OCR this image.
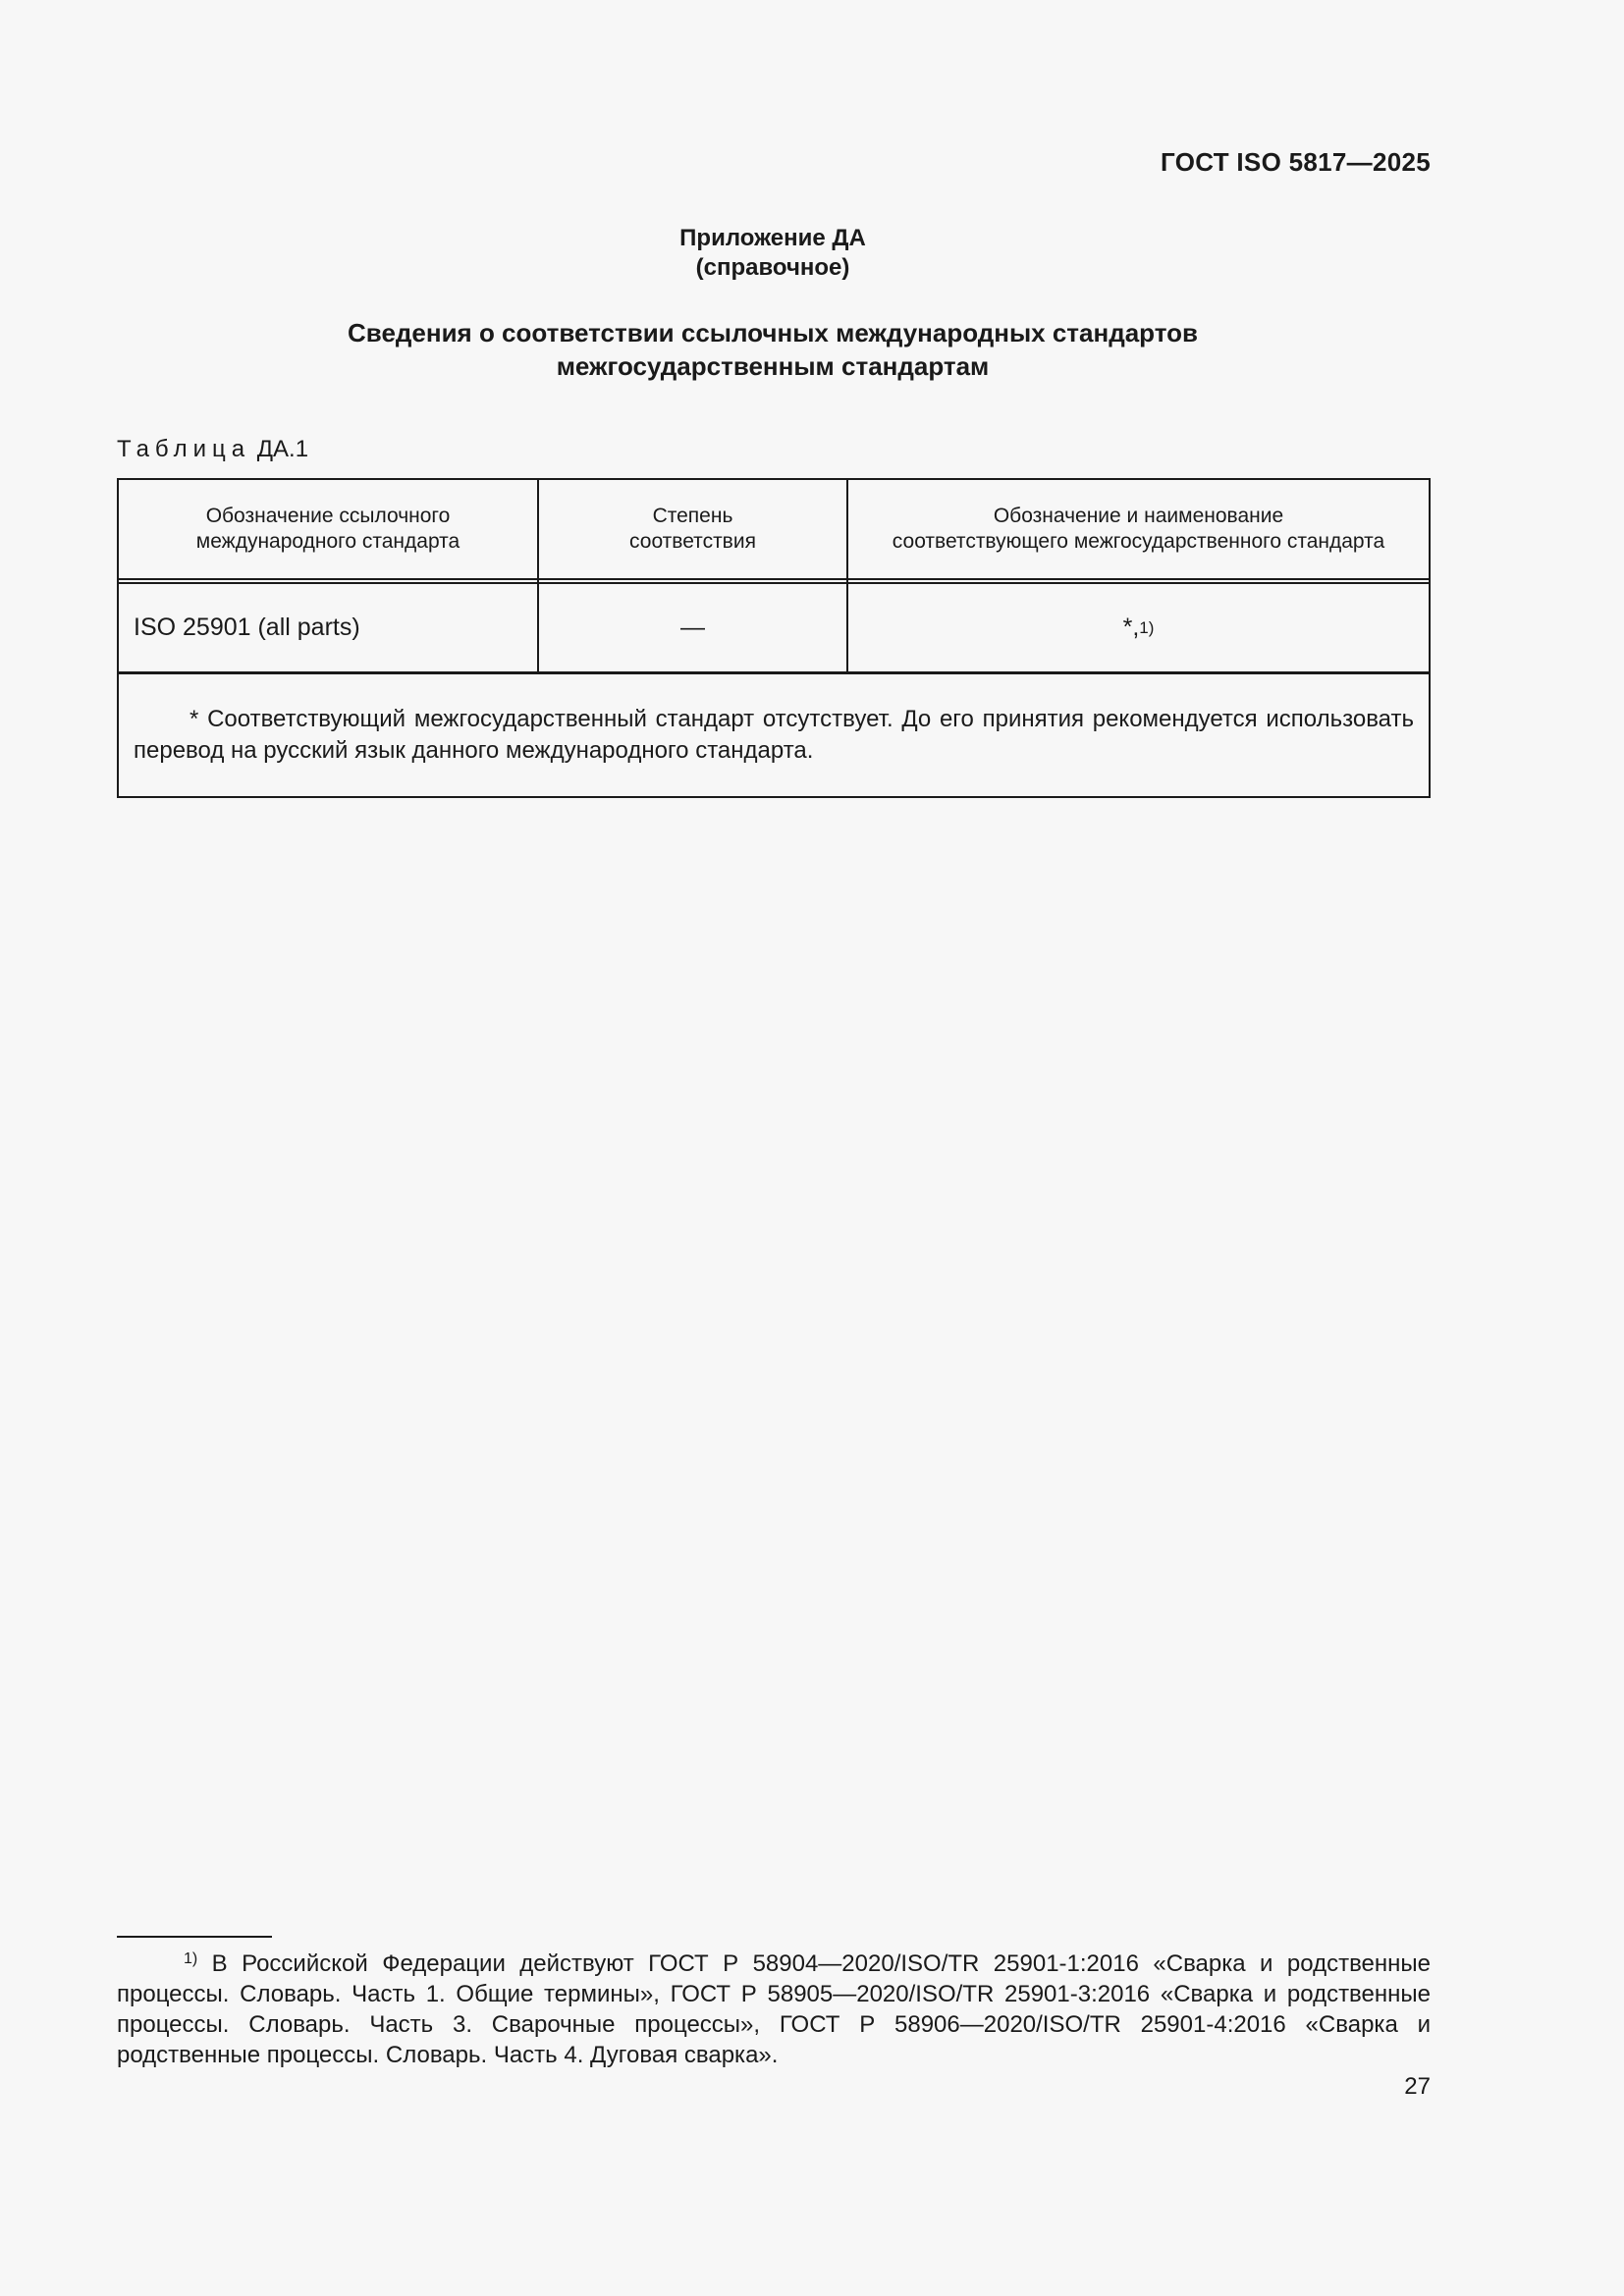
ГОСТ ISO 5817—2025
Приложение ДА
(справочное)
Сведения о соответствии ссылочных международных стандартов
межгосударственным стандартам
Таблица ДА.1
Обозначение ссылочного
международного стандарта
Степень
соответствия
Обозначение и наименование
соответствующего межгосударственного стандарта
ISO 25901 (all parts)	—	*, 1)
* Соответствующий межгосударственный стандарт отсутствует. До его принятия рекомендуется использовать перевод на русский язык данного международного стандарта.
$^{1)}$ В Российской Федерации действуют ГОСТ Р 58904—2020/ISO/TR 25901-1:2016 «Сварка и родственные процессы. Словарь. Часть 1. Общие термины», ГОСТ Р 58905—2020/ISO/TR 25901-3:2016 «Сварка и родственные процессы. Словарь. Часть 3. Сварочные процессы», ГОСТ Р 58906—2020/ISO/TR 25901-4:2016 «Сварка и родственные процессы. Словарь. Часть 4. Дуговая сварка».
27
